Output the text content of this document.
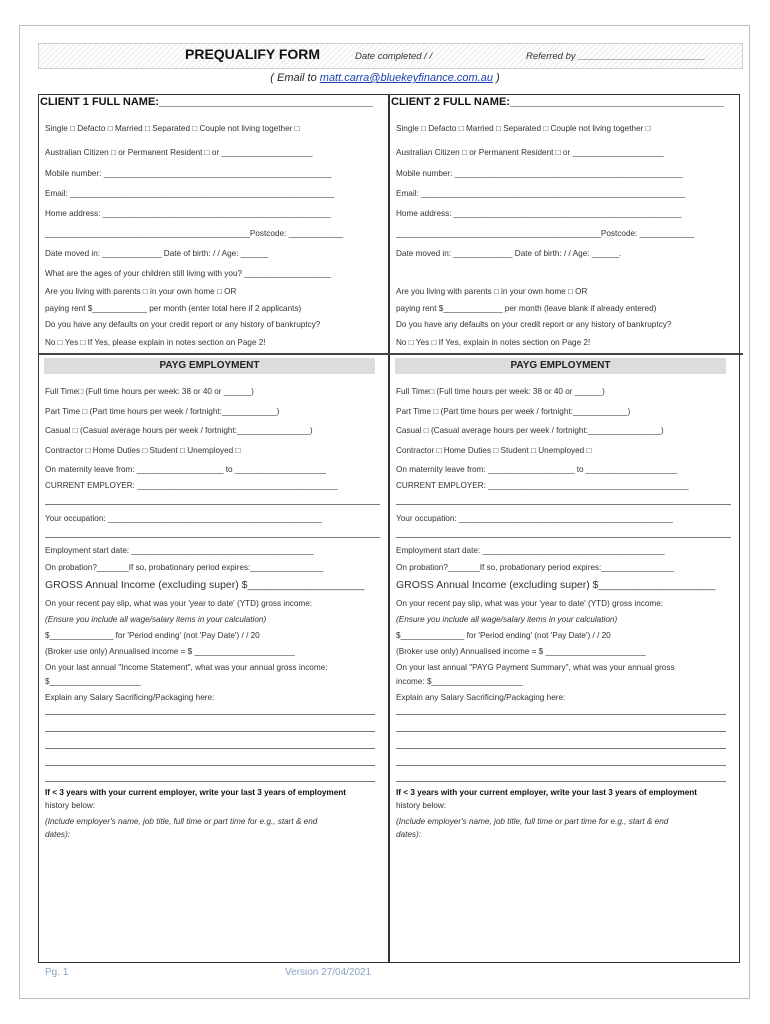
PREQUALIFY FORM	Date completed / /	Referred by ________________________
( Email to matt.carra@bluekeyfinance.com.au )
CLIENT 1 FULL NAME:___________________________________
Single □ Defacto □ Married □ Separated □ Couple not living together □
Australian Citizen □ or Permanent Resident □ or ____________________
Mobile number: __________________________________________________
Email: __________________________________________________________
Home address: __________________________________________________
_____________________________________________Postcode: ____________
Date moved in: _____________ Date of birth: / / Age: ______
What are the ages of your children still living with you? ___________________
Are you living with parents □ in your own home □ OR
paying rent $____________ per month (enter total here if 2 applicants)
Do you have any defaults on your credit report or any history of bankruptcy?
No □ Yes □ If Yes, please explain in notes section on Page 2!
CLIENT 2 FULL NAME:___________________________________
Single □ Defacto □ Married □ Separated □ Couple not living together □
Australian Citizen □ or Permanent Resident □ or ____________________
Mobile number: __________________________________________________
Email: __________________________________________________________
Home address: __________________________________________________
_____________________________________________Postcode: ____________
Date moved in: _____________ Date of birth: / / Age: ______.
Are you living with parents □ in your own home □ OR
paying rent $_____________ per month (leave blank if already entered)
Do you have any defaults on your credit report or any history of bankruptcy?
No □ Yes □ If Yes, explain in notes section on Page 2!
PAYG EMPLOYMENT	PAYG EMPLOYMENT
Full Time□ (Full time hours per week: 38 or 40 or ______)
Part Time □ (Part time hours per week / fortnight:____________)
Casual □ (Casual average hours per week / fortnight:________________)
Contractor □ Home Duties □ Student □ Unemployed □
On maternity leave from: ___________________ to ____________________
CURRENT EMPLOYER: ____________________________________________
Your occupation: _______________________________________________
Employment start date: ________________________________________
On probation?_______If so, probationary period expires:________________
GROSS Annual Income (excluding super) $____________________
On your recent pay slip, what was your 'year to date' (YTD) gross income:
(Ensure you include all wage/salary items in your calculation)
$______________ for 'Period ending' (not 'Pay Date') / / 20
(Broker use only) Annualised income = $ ______________________
On your last annual "Income Statement", what was your annual gross income:
$____________________
Explain any Salary Sacrificing/Packaging here:
If < 3 years with your current employer, write your last 3 years of employment
history below:
(Include employer's name, job title, full time or part time for e.g., start & end
dates):
Full Time□ (Full time hours per week: 38 or 40 or ______)
Part Time □ (Part time hours per week / fortnight:____________)
Casual □ (Casual average hours per week / fortnight:________________)
Contractor □ Home Duties □ Student □ Unemployed □
On maternity leave from: ___________________ to ____________________
CURRENT EMPLOYER: ____________________________________________
Your occupation: _______________________________________________
Employment start date: ________________________________________
On probation?_______If so, probationary period expires:________________
GROSS Annual Income (excluding super) $____________________
On your recent pay slip, what was your 'year to date' (YTD) gross income:
(Ensure you include all wage/salary items in your calculation)
$______________ for 'Period ending' (not 'Pay Date') / / 20
(Broker use only) Annualised income = $ ______________________
On your last annual "PAYG Payment Summary", what was your annual gross
income: $____________________
Explain any Salary Sacrificing/Packaging here:
If < 3 years with your current employer, write your last 3 years of employment
history below:
(Include employer's name, job title, full time or part time for e.g., start & end
dates):
Pg. 1	Version 27/04/2021
